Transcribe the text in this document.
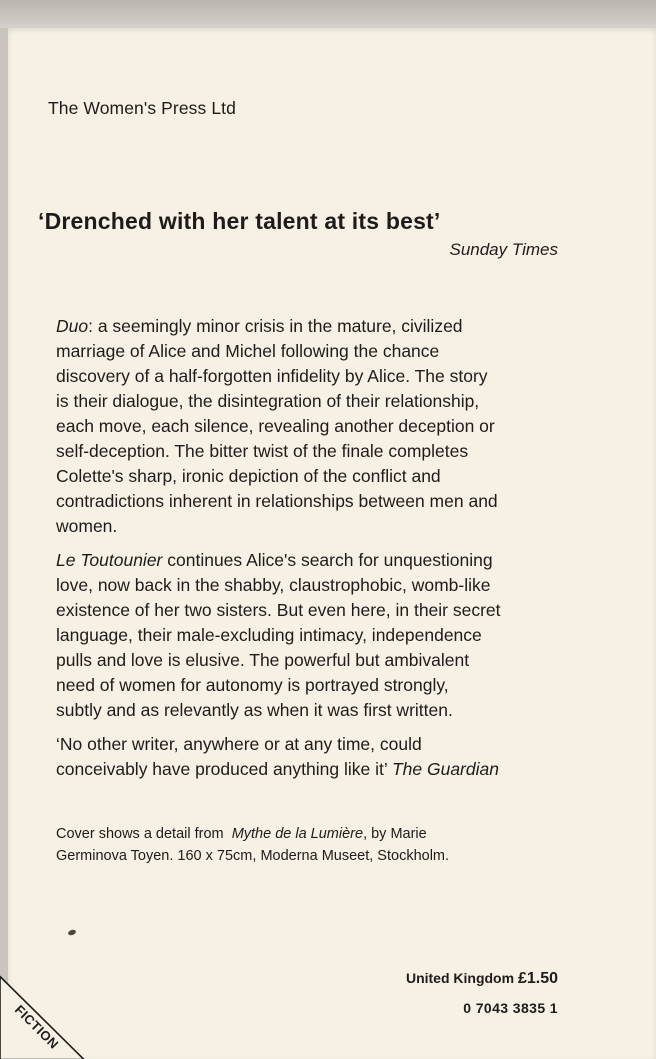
The Women's Press Ltd
‘Drenched with her talent at its best’
Sunday Times

Duo: a seemingly minor crisis in the mature, civilized
marriage of Alice and Michel following the chance
discovery of a half-forgotten infidelity by Alice. The story
is their dialogue, the disintegration of their relationship,
each move, each silence, revealing another deception or
self-deception. The bitter twist of the finale completes
Colette's sharp, ironic depiction of the conflict and
contradictions inherent in relationships between men and
women.

Le Toutounier continues Alice's search for unquestioning
love, now back in the shabby, claustrophobic, womb-like
existence of her two sisters. But even here, in their secret
language, their male-excluding intimacy, independence
pulls and love is elusive. The powerful but ambivalent
need of women for autonomy is portrayed strongly,
subtly and as relevantly as when it was first written.

‘No other writer, anywhere or at any time, could
conceivably have produced anything like it’ The Guardian

Cover shows a detail from  Mythe de la Lumière, by Marie
Germinova Toyen. 160 x 75cm, Moderna Museet, Stockholm.
United Kingdom £1.50
0 7043 3835 1
FICTION
